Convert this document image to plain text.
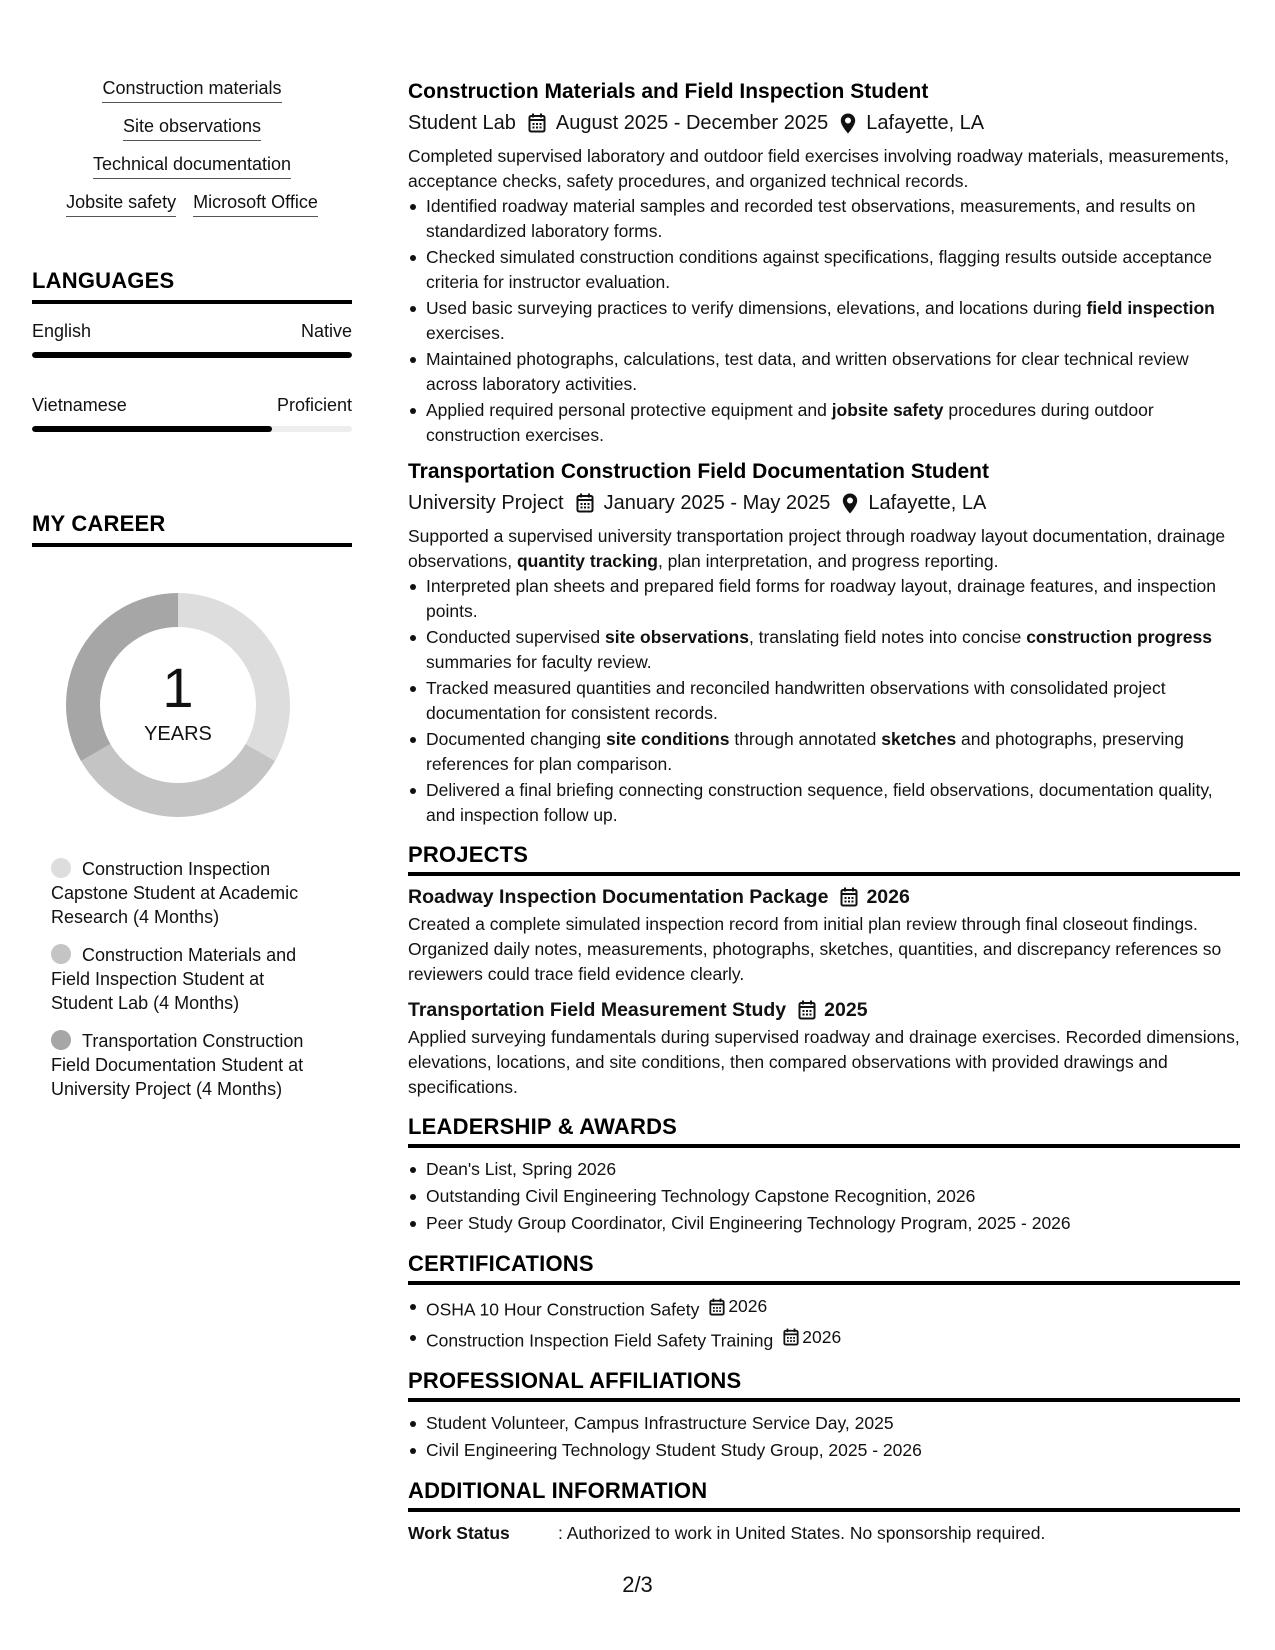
Construction materials
Site observations
Technical documentation
Jobsite safety Microsoft Office
LANGUAGES
English	Native
Vietnamese	Proficient
MY CAREER
1
YEARS
Construction Inspection Capstone Student at Academic Research (4 Months)
Construction Materials and Field Inspection Student at Student Lab (4 Months)
Transportation Construction Field Documentation Student at University Project (4 Months)
Construction Materials and Field Inspection Student
Student Lab August 2025 - December 2025 Lafayette, LA
Completed supervised laboratory and outdoor field exercises involving roadway materials, measurements, acceptance checks, safety procedures, and organized technical records.
Identified roadway material samples and recorded test observations, measurements, and results on standardized laboratory forms.
Checked simulated construction conditions against specifications, flagging results outside acceptance criteria for instructor evaluation.
Used basic surveying practices to verify dimensions, elevations, and locations during field inspection exercises.
Maintained photographs, calculations, test data, and written observations for clear technical review across laboratory activities.
Applied required personal protective equipment and jobsite safety procedures during outdoor construction exercises.
Transportation Construction Field Documentation Student
University Project January 2025 - May 2025 Lafayette, LA
Supported a supervised university transportation project through roadway layout documentation, drainage observations, quantity tracking, plan interpretation, and progress reporting.
Interpreted plan sheets and prepared field forms for roadway layout, drainage features, and inspection points.
Conducted supervised site observations, translating field notes into concise construction progress summaries for faculty review.
Tracked measured quantities and reconciled handwritten observations with consolidated project documentation for consistent records.
Documented changing site conditions through annotated sketches and photographs, preserving references for plan comparison.
Delivered a final briefing connecting construction sequence, field observations, documentation quality, and inspection follow up.
PROJECTS
Roadway Inspection Documentation Package 2026
Created a complete simulated inspection record from initial plan review through final closeout findings. Organized daily notes, measurements, photographs, sketches, quantities, and discrepancy references so reviewers could trace field evidence clearly.
Transportation Field Measurement Study 2025
Applied surveying fundamentals during supervised roadway and drainage exercises. Recorded dimensions, elevations, locations, and site conditions, then compared observations with provided drawings and specifications.
LEADERSHIP & AWARDS
Dean's List, Spring 2026
Outstanding Civil Engineering Technology Capstone Recognition, 2026
Peer Study Group Coordinator, Civil Engineering Technology Program, 2025 - 2026
CERTIFICATIONS
OSHA 10 Hour Construction Safety 2026
Construction Inspection Field Safety Training 2026
PROFESSIONAL AFFILIATIONS
Student Volunteer, Campus Infrastructure Service Day, 2025
Civil Engineering Technology Student Study Group, 2025 - 2026
ADDITIONAL INFORMATION
Work Status	: Authorized to work in United States. No sponsorship required.
2/3
